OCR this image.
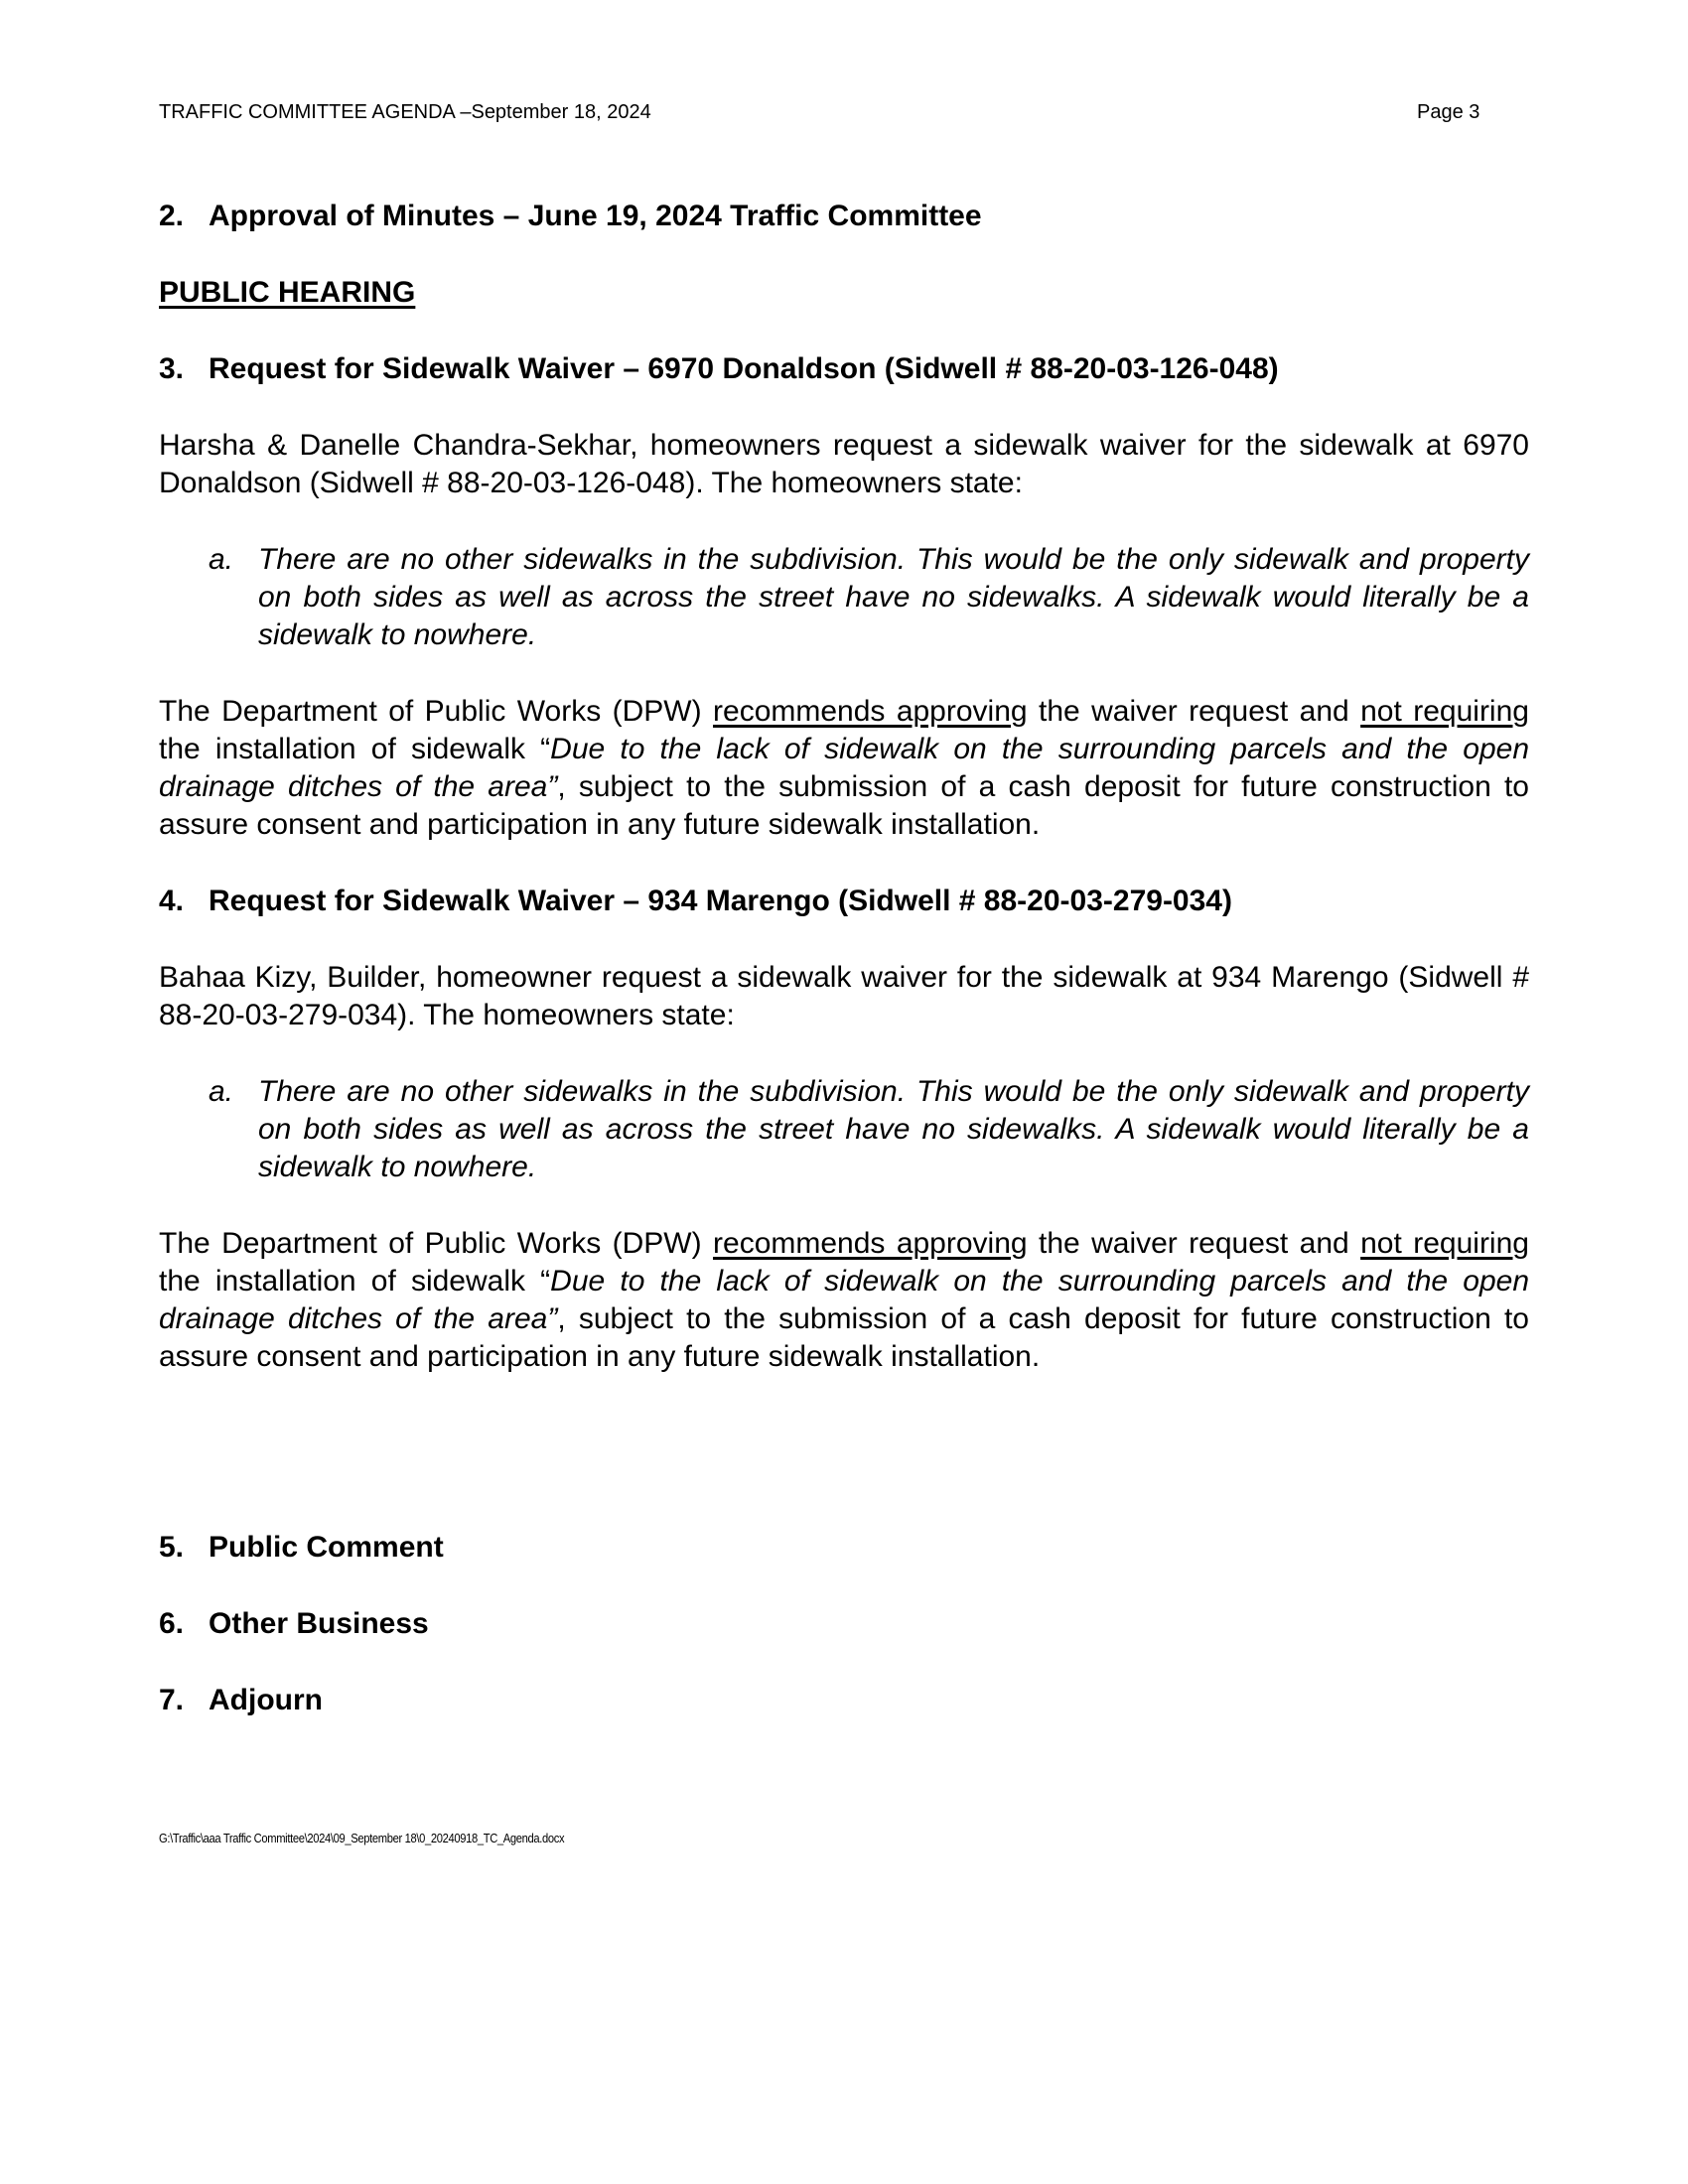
TRAFFIC COMMITTEE AGENDA –September 18, 2024	Page 3
2. Approval of Minutes – June 19, 2024 Traffic Committee
PUBLIC HEARING
3. Request for Sidewalk Waiver – 6970 Donaldson (Sidwell # 88-20-03-126-048)

Harsha & Danelle Chandra-Sekhar, homeowners request a sidewalk waiver for the sidewalk at 6970 Donaldson (Sidwell # 88-20-03-126-048). The homeowners state:

a. There are no other sidewalks in the subdivision. This would be the only sidewalk and property on both sides as well as across the street have no sidewalks. A sidewalk would literally be a sidewalk to nowhere.

The Department of Public Works (DPW) recommends approving the waiver request and not requiring the installation of sidewalk “Due to the lack of sidewalk on the surrounding parcels and the open drainage ditches of the area”, subject to the submission of a cash deposit for future construction to assure consent and participation in any future sidewalk installation.

4. Request for Sidewalk Waiver – 934 Marengo (Sidwell # 88-20-03-279-034)

Bahaa Kizy, Builder, homeowner request a sidewalk waiver for the sidewalk at 934 Marengo (Sidwell # 88-20-03-279-034). The homeowners state:

a. There are no other sidewalks in the subdivision. This would be the only sidewalk and property on both sides as well as across the street have no sidewalks. A sidewalk would literally be a sidewalk to nowhere.

The Department of Public Works (DPW) recommends approving the waiver request and not requiring the installation of sidewalk “Due to the lack of sidewalk on the surrounding parcels and the open drainage ditches of the area”, subject to the submission of a cash deposit for future construction to assure consent and participation in any future sidewalk installation.

5. Public Comment
6. Other Business
7. Adjourn
G:\Traffic\aaa Traffic Committee\2024\09_September 18\0_20240918_TC_Agenda.docx
